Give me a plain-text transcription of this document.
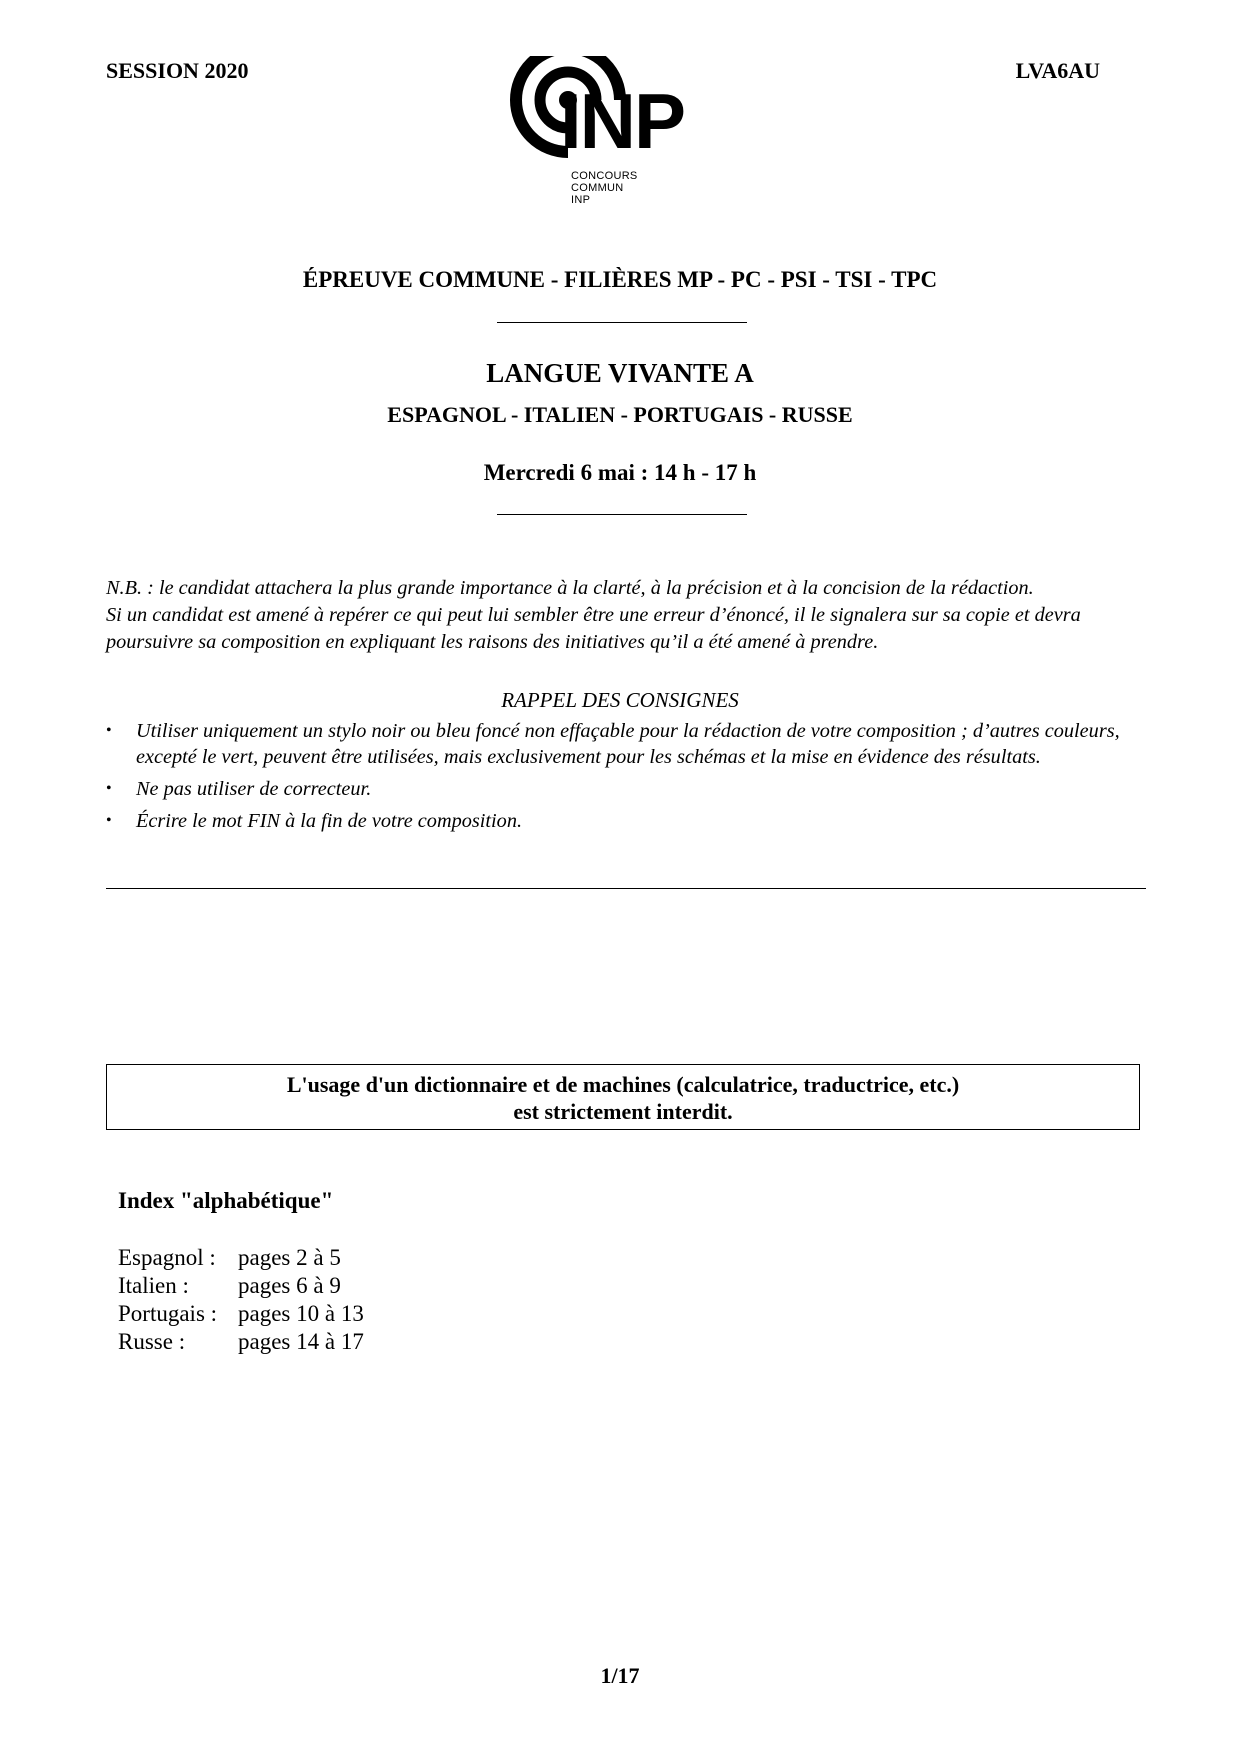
SESSION 2020	LVA6AU
INP
CONCOURS
COMMUN
INP
ÉPREUVE COMMUNE - FILIÈRES MP - PC - PSI - TSI - TPC
LANGUE VIVANTE A
ESPAGNOL - ITALIEN - PORTUGAIS - RUSSE
Mercredi 6 mai : 14 h - 17 h

N.B. : le candidat attachera la plus grande importance à la clarté, à la précision et à la concision de la rédaction.

Si un candidat est amené à repérer ce qui peut lui sembler être une erreur d’énoncé, il le signalera sur sa copie et devra poursuivre sa composition en expliquant les raisons des initiatives qu’il a été amené à prendre.

RAPPEL DES CONSIGNES
• Utiliser uniquement un stylo noir ou bleu foncé non effaçable pour la rédaction de votre composition ; d’autres couleurs, excepté le vert, peuvent être utilisées, mais exclusivement pour les schémas et la mise en évidence des résultats.
• Ne pas utiliser de correcteur.
• Écrire le mot FIN à la fin de votre composition.
L'usage d'un dictionnaire et de machines (calculatrice, traductrice, etc.)
est strictement interdit.
Index "alphabétique"
Espagnol :	pages 2 à 5
Italien :	pages 6 à 9
Portugais :	pages 10 à 13
Russe :	pages 14 à 17
1/17
